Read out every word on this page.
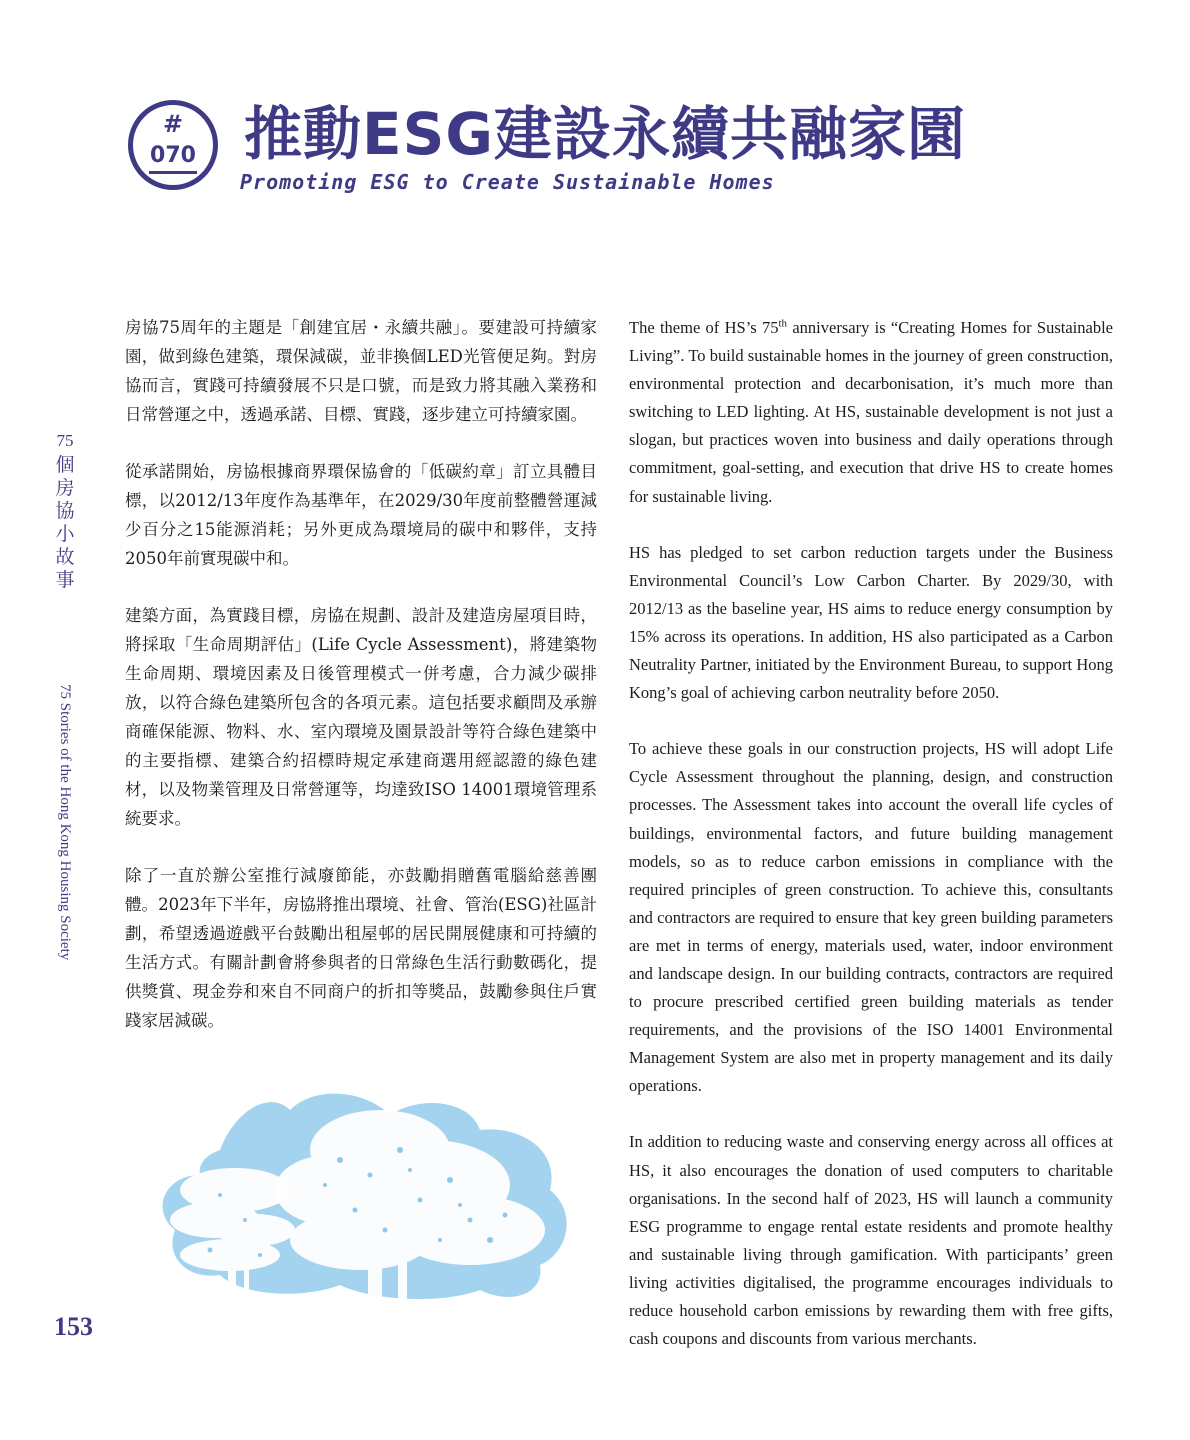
#
070 推動ESG建設永續共融家園
Promoting ESG to Create Sustainable Homes
75
個房協小故事
75 Stories of the Hong Kong Housing Society
153

房協75周年的主題是「創建宜居・永續共融」。要建設可持續家園，做到綠色建築，環保減碳，並非換個LED光管便足夠。對房協而言，實踐可持續發展不只是口號，而是致力將其融入業務和日常營運之中，透過承諾、目標、實踐，逐步建立可持續家園。

從承諾開始，房協根據商界環保協會的「低碳約章」訂立具體目標，以2012/13年度作為基準年，在2029/30年度前整體營運減少百分之15能源消耗；另外更成為環境局的碳中和夥伴，支持2050年前實現碳中和。

建築方面，為實踐目標，房協在規劃、設計及建造房屋項目時，將採取「生命周期評估」(Life Cycle Assessment)，將建築物生命周期、環境因素及日後管理模式一併考慮，合力減少碳排放，以符合綠色建築所包含的各項元素。這包括要求顧問及承辦商確保能源、物料、水、室內環境及園景設計等符合綠色建築中的主要指標、建築合約招標時規定承建商選用經認證的綠色建材，以及物業管理及日常營運等，均達致ISO 14001環境管理系統要求。

除了一直於辦公室推行減廢節能，亦鼓勵捐贈舊電腦給慈善團體。2023年下半年，房協將推出環境、社會、管治(ESG)社區計劃，希望透過遊戲平台鼓勵出租屋邨的居民開展健康和可持續的生活方式。有關計劃會將參與者的日常綠色生活行動數碼化，提供獎賞、現金券和來自不同商户的折扣等獎品，鼓勵參與住戶實踐家居減碳。

The theme of HS’s 75th anniversary is “Creating Homes for Sustainable Living”. To build sustainable homes in the journey of green construction, environmental protection and decarbonisation, it’s much more than switching to LED lighting. At HS, sustainable development is not just a slogan, but practices woven into business and daily operations through commitment, goal-setting, and execution that drive HS to create homes for sustainable living.

HS has pledged to set carbon reduction targets under the Business Environmental Council’s Low Carbon Charter. By 2029/30, with 2012/13 as the baseline year, HS aims to reduce energy consumption by 15% across its operations. In addition, HS also participated as a Carbon Neutrality Partner, initiated by the Environment Bureau, to support Hong Kong’s goal of achieving carbon neutrality before 2050.

To achieve these goals in our construction projects, HS will adopt Life Cycle Assessment throughout the planning, design, and construction processes. The Assessment takes into account the overall life cycles of buildings, environmental factors, and future building management models, so as to reduce carbon emissions in compliance with the required principles of green construction. To achieve this, consultants and contractors are required to ensure that key green building parameters are met in terms of energy, materials used, water, indoor environment and landscape design. In our building contracts, contractors are required to procure prescribed certified green building materials as tender requirements, and the provisions of the ISO 14001 Environmental Management System are also met in property management and its daily operations.

In addition to reducing waste and conserving energy across all offices at HS, it also encourages the donation of used computers to charitable organisations. In the second half of 2023, HS will launch a community ESG programme to engage rental estate residents and promote healthy and sustainable living through gamification. With participants’ green living activities digitalised, the programme encourages individuals to reduce household carbon emissions by rewarding them with free gifts, cash coupons and discounts from various merchants.
